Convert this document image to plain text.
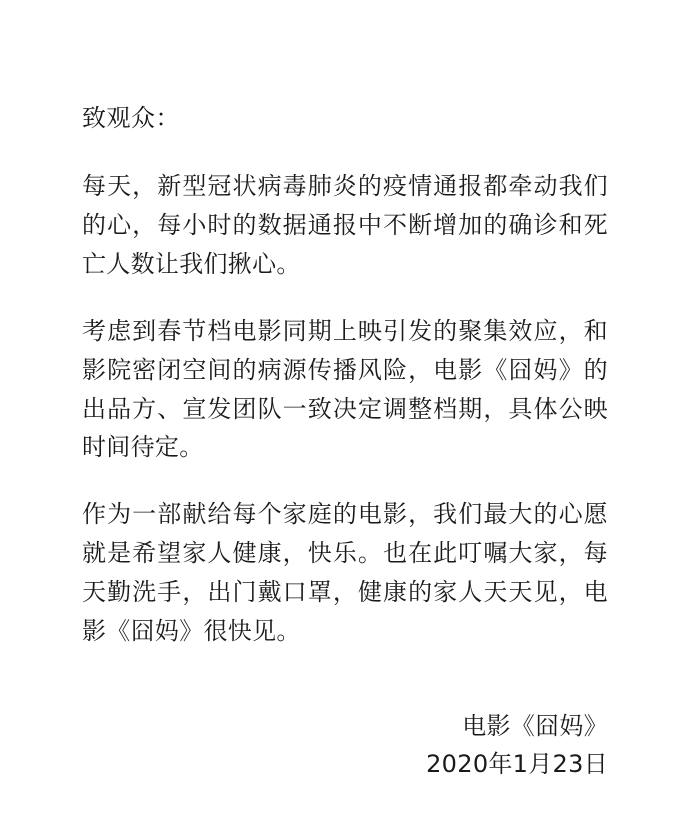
致观众：

每天，新型冠状病毒肺炎的疫情通报都牵动我们的心，每小时的数据通报中不断增加的确诊和死亡人数让我们揪心。

考虑到春节档电影同期上映引发的聚集效应，和影院密闭空间的病源传播风险，电影《囧妈》的出品方、宣发团队一致决定调整档期，具体公映时间待定。

作为一部献给每个家庭的电影，我们最大的心愿就是希望家人健康，快乐。也在此叮嘱大家，每天勤洗手，出门戴口罩，健康的家人天天见，电影《囧妈》很快见。

电影《囧妈》
2020年1月23日
